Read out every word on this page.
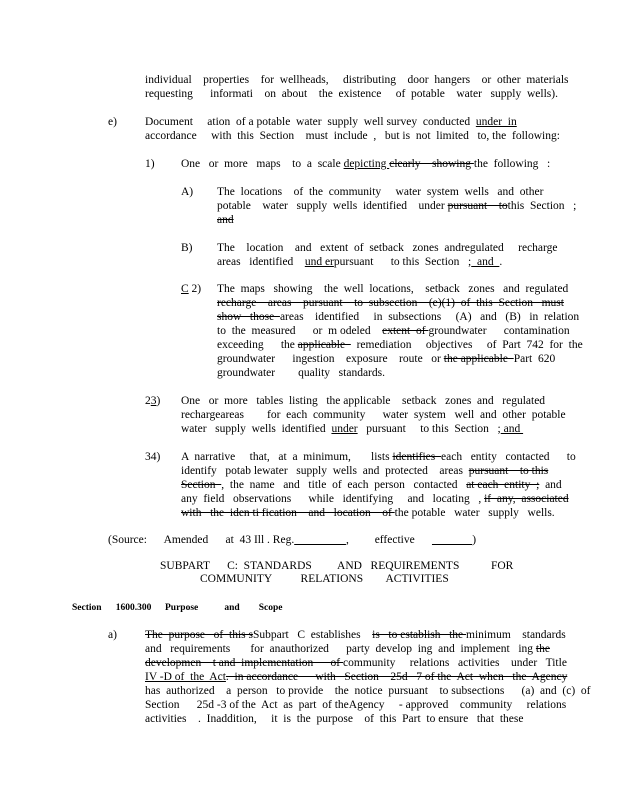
individual    properties    for  wellheads,     distributing    door  hangers    or  other  materials
requesting      informati    on  about    the  existence     of  potable    water   supply  wells).
e) Document     ation  of a potable  water  supply  well survey  conducted  under  in
accordance     with  this  Section    must  include  ,   but is  not  limited   to, the  following:
1) One   or  more   maps    to  a  scale depicting clearly    showing the  following   :
A) The  locations    of  the  community     water  system  wells   and  other
potable    water   supply  wells  identified    under pursuant    tothis  Section   ;
and
B) The    location    and   extent  of  setback   zones  andregulated     recharge
areas   identified    und erpursuant      to this  Section   ;  and  .
C 2) The  maps   showing    the  well  locations,    setback   zones   and  regulated
recharge    areas    pursuant    to  subsection    (e)(1)  of  this  Section   must
show   those  areas    identified     in  subsections     (A)   and   (B)   in  relation
to  the  measured      or  m odeled    extent  of groundwater      contamination
exceeding      the applicable    remediation     objectives     of  Part  742  for  the
groundwater      ingestion    exposure    route   or the applicable  Part  620
groundwater        quality   standards.
23) One   or  more   tables  listing   the applicable    setback   zones  and   regulated
rechargeareas        for  each  community      water  system   well  and  other  potable
water   supply  wells  identified  under   pursuant     to this  Section   ; and
34) A  narrative     that,   at  a  minimum,       lists identifies  each   entity   contacted      to
identify   potab lewater   supply  wells  and  protected    areas  pursuant    to this
Section  ,  the  name   and   title  of  each  person   contacted   at each  entity  ;  and
any  field   observations      while   identifying     and   locating   , if  any,  associated
with   the  iden ti fication    and   location    of the potable   water   supply   wells.
(Source:      Amended      at  43 Ill . Reg.	,         effective	)
SUBPART      C:  STANDARDS         AND   REQUIREMENTS           FOR
COMMUNITY          RELATIONS        ACTIVITIES
Section      1600.300 Purpose           and        Scope
a) The  purpose   of  this sSubpart   C  establishes    is   to establish   the minimum    standards
and   requirements       for  anauthorized      party  develop  ing  and  implement   ing the
developmen    t and  implementation      of community     relations   activities    under   Title
IV -D of  the  Act.  in accordance      with   Section    25d   7 of the  Act  when   the  Agency
has  authorized    a  person   to provide    the  notice  pursuant    to subsections      (a)  and  (c)  of
Section      25d -3 of the  Act  as  part  of theAgency     - approved    community     relations
activities    .  Inaddition,     it  is  the  purpose    of  this  Part  to ensure   that  these
